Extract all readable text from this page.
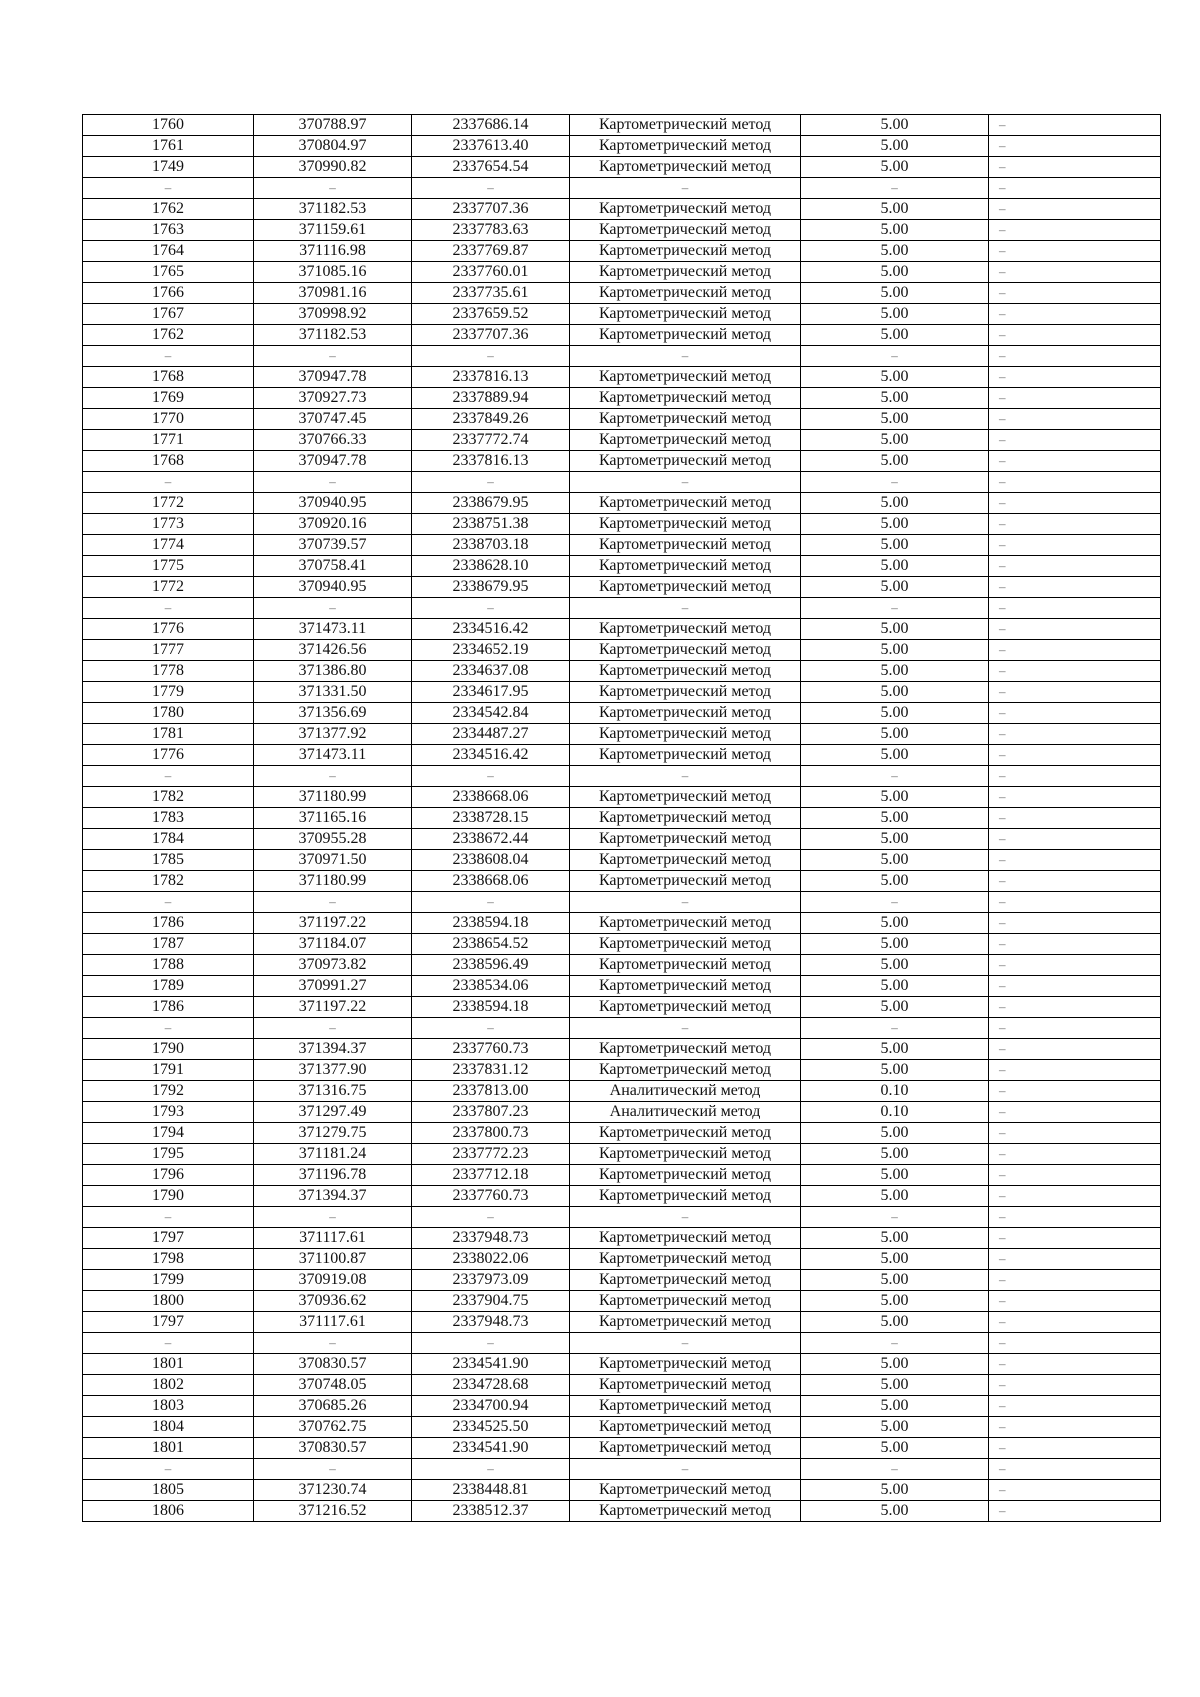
1760	370788.97	2337686.14	Картометрический метод	5.00	–
1761	370804.97	2337613.40	Картометрический метод	5.00	–
1749	370990.82	2337654.54	Картометрический метод	5.00	–
–	–	–	–	–	–
1762	371182.53	2337707.36	Картометрический метод	5.00	–
1763	371159.61	2337783.63	Картометрический метод	5.00	–
1764	371116.98	2337769.87	Картометрический метод	5.00	–
1765	371085.16	2337760.01	Картометрический метод	5.00	–
1766	370981.16	2337735.61	Картометрический метод	5.00	–
1767	370998.92	2337659.52	Картометрический метод	5.00	–
1762	371182.53	2337707.36	Картометрический метод	5.00	–
–	–	–	–	–	–
1768	370947.78	2337816.13	Картометрический метод	5.00	–
1769	370927.73	2337889.94	Картометрический метод	5.00	–
1770	370747.45	2337849.26	Картометрический метод	5.00	–
1771	370766.33	2337772.74	Картометрический метод	5.00	–
1768	370947.78	2337816.13	Картометрический метод	5.00	–
–	–	–	–	–	–
1772	370940.95	2338679.95	Картометрический метод	5.00	–
1773	370920.16	2338751.38	Картометрический метод	5.00	–
1774	370739.57	2338703.18	Картометрический метод	5.00	–
1775	370758.41	2338628.10	Картометрический метод	5.00	–
1772	370940.95	2338679.95	Картометрический метод	5.00	–
–	–	–	–	–	–
1776	371473.11	2334516.42	Картометрический метод	5.00	–
1777	371426.56	2334652.19	Картометрический метод	5.00	–
1778	371386.80	2334637.08	Картометрический метод	5.00	–
1779	371331.50	2334617.95	Картометрический метод	5.00	–
1780	371356.69	2334542.84	Картометрический метод	5.00	–
1781	371377.92	2334487.27	Картометрический метод	5.00	–
1776	371473.11	2334516.42	Картометрический метод	5.00	–
–	–	–	–	–	–
1782	371180.99	2338668.06	Картометрический метод	5.00	–
1783	371165.16	2338728.15	Картометрический метод	5.00	–
1784	370955.28	2338672.44	Картометрический метод	5.00	–
1785	370971.50	2338608.04	Картометрический метод	5.00	–
1782	371180.99	2338668.06	Картометрический метод	5.00	–
–	–	–	–	–	–
1786	371197.22	2338594.18	Картометрический метод	5.00	–
1787	371184.07	2338654.52	Картометрический метод	5.00	–
1788	370973.82	2338596.49	Картометрический метод	5.00	–
1789	370991.27	2338534.06	Картометрический метод	5.00	–
1786	371197.22	2338594.18	Картометрический метод	5.00	–
–	–	–	–	–	–
1790	371394.37	2337760.73	Картометрический метод	5.00	–
1791	371377.90	2337831.12	Картометрический метод	5.00	–
1792	371316.75	2337813.00	Аналитический метод	0.10	–
1793	371297.49	2337807.23	Аналитический метод	0.10	–
1794	371279.75	2337800.73	Картометрический метод	5.00	–
1795	371181.24	2337772.23	Картометрический метод	5.00	–
1796	371196.78	2337712.18	Картометрический метод	5.00	–
1790	371394.37	2337760.73	Картометрический метод	5.00	–
–	–	–	–	–	–
1797	371117.61	2337948.73	Картометрический метод	5.00	–
1798	371100.87	2338022.06	Картометрический метод	5.00	–
1799	370919.08	2337973.09	Картометрический метод	5.00	–
1800	370936.62	2337904.75	Картометрический метод	5.00	–
1797	371117.61	2337948.73	Картометрический метод	5.00	–
–	–	–	–	–	–
1801	370830.57	2334541.90	Картометрический метод	5.00	–
1802	370748.05	2334728.68	Картометрический метод	5.00	–
1803	370685.26	2334700.94	Картометрический метод	5.00	–
1804	370762.75	2334525.50	Картометрический метод	5.00	–
1801	370830.57	2334541.90	Картометрический метод	5.00	–
–	–	–	–	–	–
1805	371230.74	2338448.81	Картометрический метод	5.00	–
1806	371216.52	2338512.37	Картометрический метод	5.00	–
